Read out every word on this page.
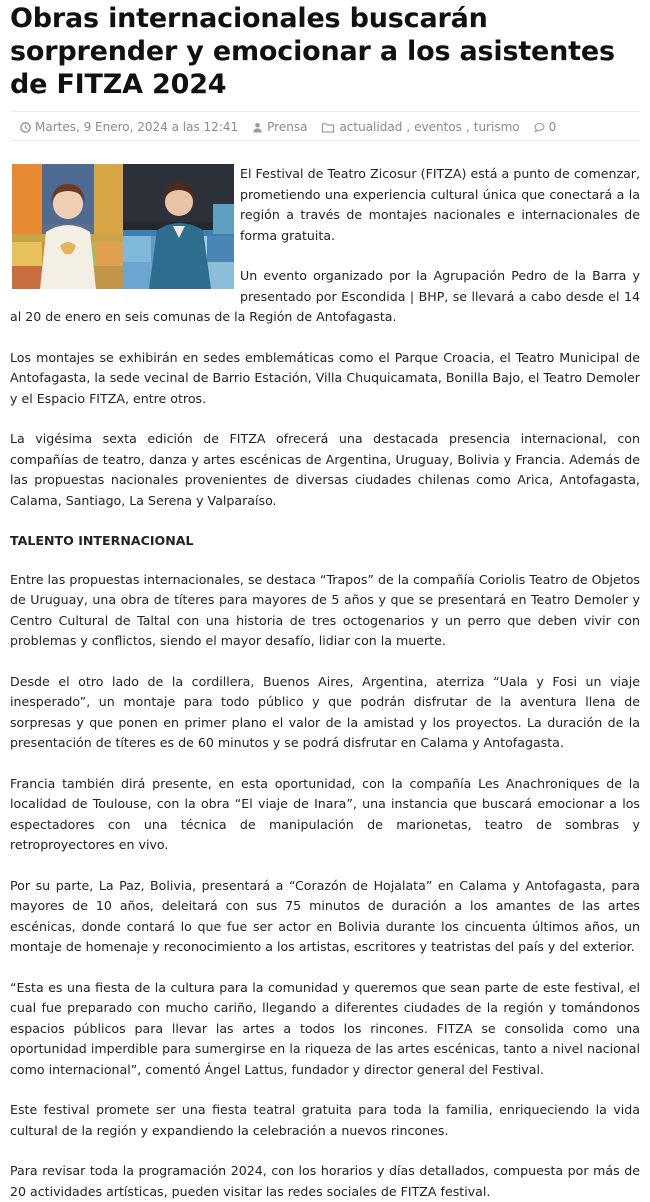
Obras internacionales buscarán sorprender y emocionar a los asistentes de FITZA 2024
Martes, 9 Enero, 2024 a las 12:41 Prensa	actualidad , eventos , turismo 0

El Festival de Teatro Zicosur (FITZA) está a punto de comenzar, prometiendo una experiencia cultural única que conectará a la región a través de montajes nacionales e internacionales de forma gratuita.

Un evento organizado por la Agrupación Pedro de la Barra y presentado por Escondida | BHP, se llevará a cabo desde el 14 al 20 de enero en seis comunas de la Región de Antofagasta.

Los montajes se exhibirán en sedes emblemáticas como el Parque Croacia, el Teatro Municipal de Antofagasta, la sede vecinal de Barrio Estación, Villa Chuquicamata, Bonilla Bajo, el Teatro Demoler y el Espacio FITZA, entre otros.

La vigésima sexta edición de FITZA ofrecerá una destacada presencia internacional, con compañías de teatro, danza y artes escénicas de Argentina, Uruguay, Bolivia y Francia. Además de las propuestas nacionales provenientes de diversas ciudades chilenas como Arica, Antofagasta, Calama, Santiago, La Serena y Valparaíso.

TALENTO INTERNACIONAL

Entre las propuestas internacionales, se destaca “Trapos” de la compañía Coriolis Teatro de Objetos de Uruguay, una obra de títeres para mayores de 5 años y que se presentará en Teatro Demoler y Centro Cultural de Taltal con una historia de tres octogenarios y un perro que deben vivir con problemas y conflictos, siendo el mayor desafío, lidiar con la muerte.

Desde el otro lado de la cordillera, Buenos Aires, Argentina, aterriza “Uala y Fosi un viaje inesperado”, un montaje para todo público y que podrán disfrutar de la aventura llena de sorpresas y que ponen en primer plano el valor de la amistad y los proyectos. La duración de la presentación de títeres es de 60 minutos y se podrá disfrutar en Calama y Antofagasta.

Francia también dirá presente, en esta oportunidad, con la compañía Les Anachroniques de la localidad de Toulouse, con la obra “El viaje de Inara”, una instancia que buscará emocionar a los espectadores con una técnica de manipulación de marionetas, teatro de sombras y retroproyectores en vivo.

Por su parte, La Paz, Bolivia, presentará a “Corazón de Hojalata” en Calama y Antofagasta, para mayores de 10 años, deleitará con sus 75 minutos de duración a los amantes de las artes escénicas, donde contará lo que fue ser actor en Bolivia durante los cincuenta últimos años, un montaje de homenaje y reconocimiento a los artistas, escritores y teatristas del país y del exterior.

“Esta es una fiesta de la cultura para la comunidad y queremos que sean parte de este festival, el cual fue preparado con mucho cariño, llegando a diferentes ciudades de la región y tomándonos espacios públicos para llevar las artes a todos los rincones. FITZA se consolida como una oportunidad imperdible para sumergirse en la riqueza de las artes escénicas, tanto a nivel nacional como internacional”, comentó Ángel Lattus, fundador y director general del Festival.

Este festival promete ser una fiesta teatral gratuita para toda la familia, enriqueciendo la vida cultural de la región y expandiendo la celebración a nuevos rincones.

Para revisar toda la programación 2024, con los horarios y días detallados, compuesta por más de 20 actividades artísticas, pueden visitar las redes sociales de FITZA festival.
